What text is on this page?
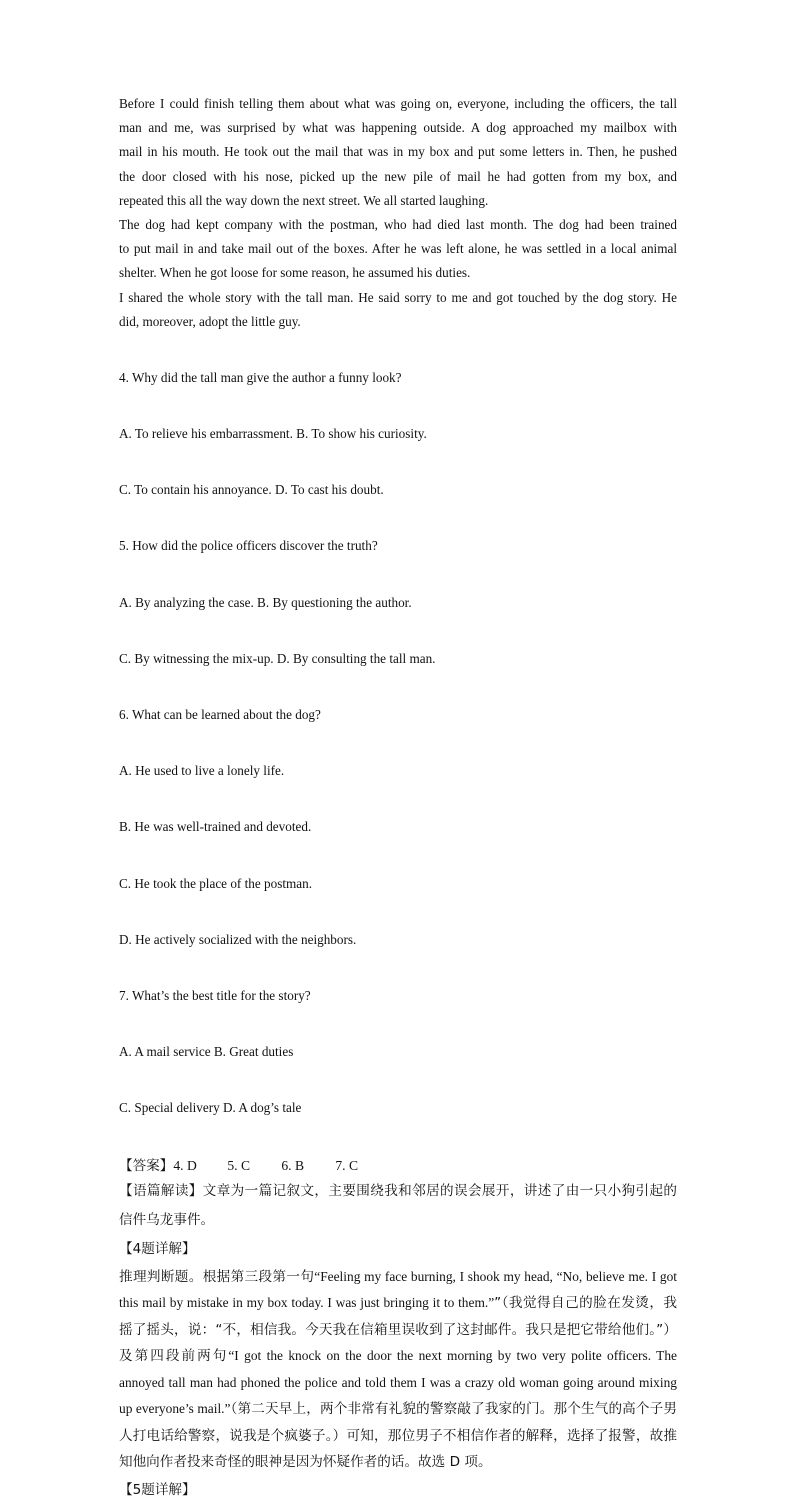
Before I could finish telling them about what was going on, everyone, including the officers, the tall
man and me, was surprised by what was happening outside. A dog approached my mailbox with
mail in his mouth. He took out the mail that was in my box and put some letters in. Then, he pushed
the door closed with his nose, picked up the new pile of mail he had gotten from my box, and
repeated this all the way down the next street. We all started laughing.
The dog had kept company with the postman, who had died last month. The dog had been trained
to put mail in and take mail out of the boxes. After he was left alone, he was settled in a local animal
shelter. When he got loose for some reason, he assumed his duties.
I shared the whole story with the tall man. He said sorry to me and got touched by the dog story. He
did, moreover, adopt the little guy.

4. Why did the tall man give the author a funny look?

A. To relieve his embarrassment. B. To show his curiosity.

C. To contain his annoyance. D. To cast his doubt.

5. How did the police officers discover the truth?

A. By analyzing the case. B. By questioning the author.

C. By witnessing the mix-up. D. By consulting the tall man.

6. What can be learned about the dog?

A. He used to live a lonely life.

B. He was well-trained and devoted.

C. He took the place of the postman.

D. He actively socialized with the neighbors.

7. What’s the best title for the story?

A. A mail service B. Great duties

C. Special delivery D. A dog’s tale

【答案】4. D 5. C 6. B 7. C
【语篇解读】文章为一篇记叙文，主要围绕我和邻居的误会展开，讲述了由一只小狗引起的
信件乌龙事件。
【4题详解】
推理判断题。根据第三段第一句“Feeling my face burning, I shook my head, “No, believe me. I got this mail by mistake in my box today. I was just bringing it to them.””（我觉得自己的脸在发烫，我摇了摇头，说：“不，相信我。今天我在信箱里误收到了这封邮件。我只是把它带给他们。”）及第四段前两句“I got the knock on the door the next morning by two very polite officers. The annoyed tall man had phoned the police and told them I was a crazy old woman going around mixing up everyone’s mail.”（第二天早上，两个非常有礼貌的警察敲了我家的门。那个生气的高个子男人打电话给警察，说我是个疯婆子。）可知，那位男子不相信作者的解释，选择了报警，故推知他向作者投来奇怪的眼神是因为怀疑作者的话。故选 D 项。
【5题详解】
